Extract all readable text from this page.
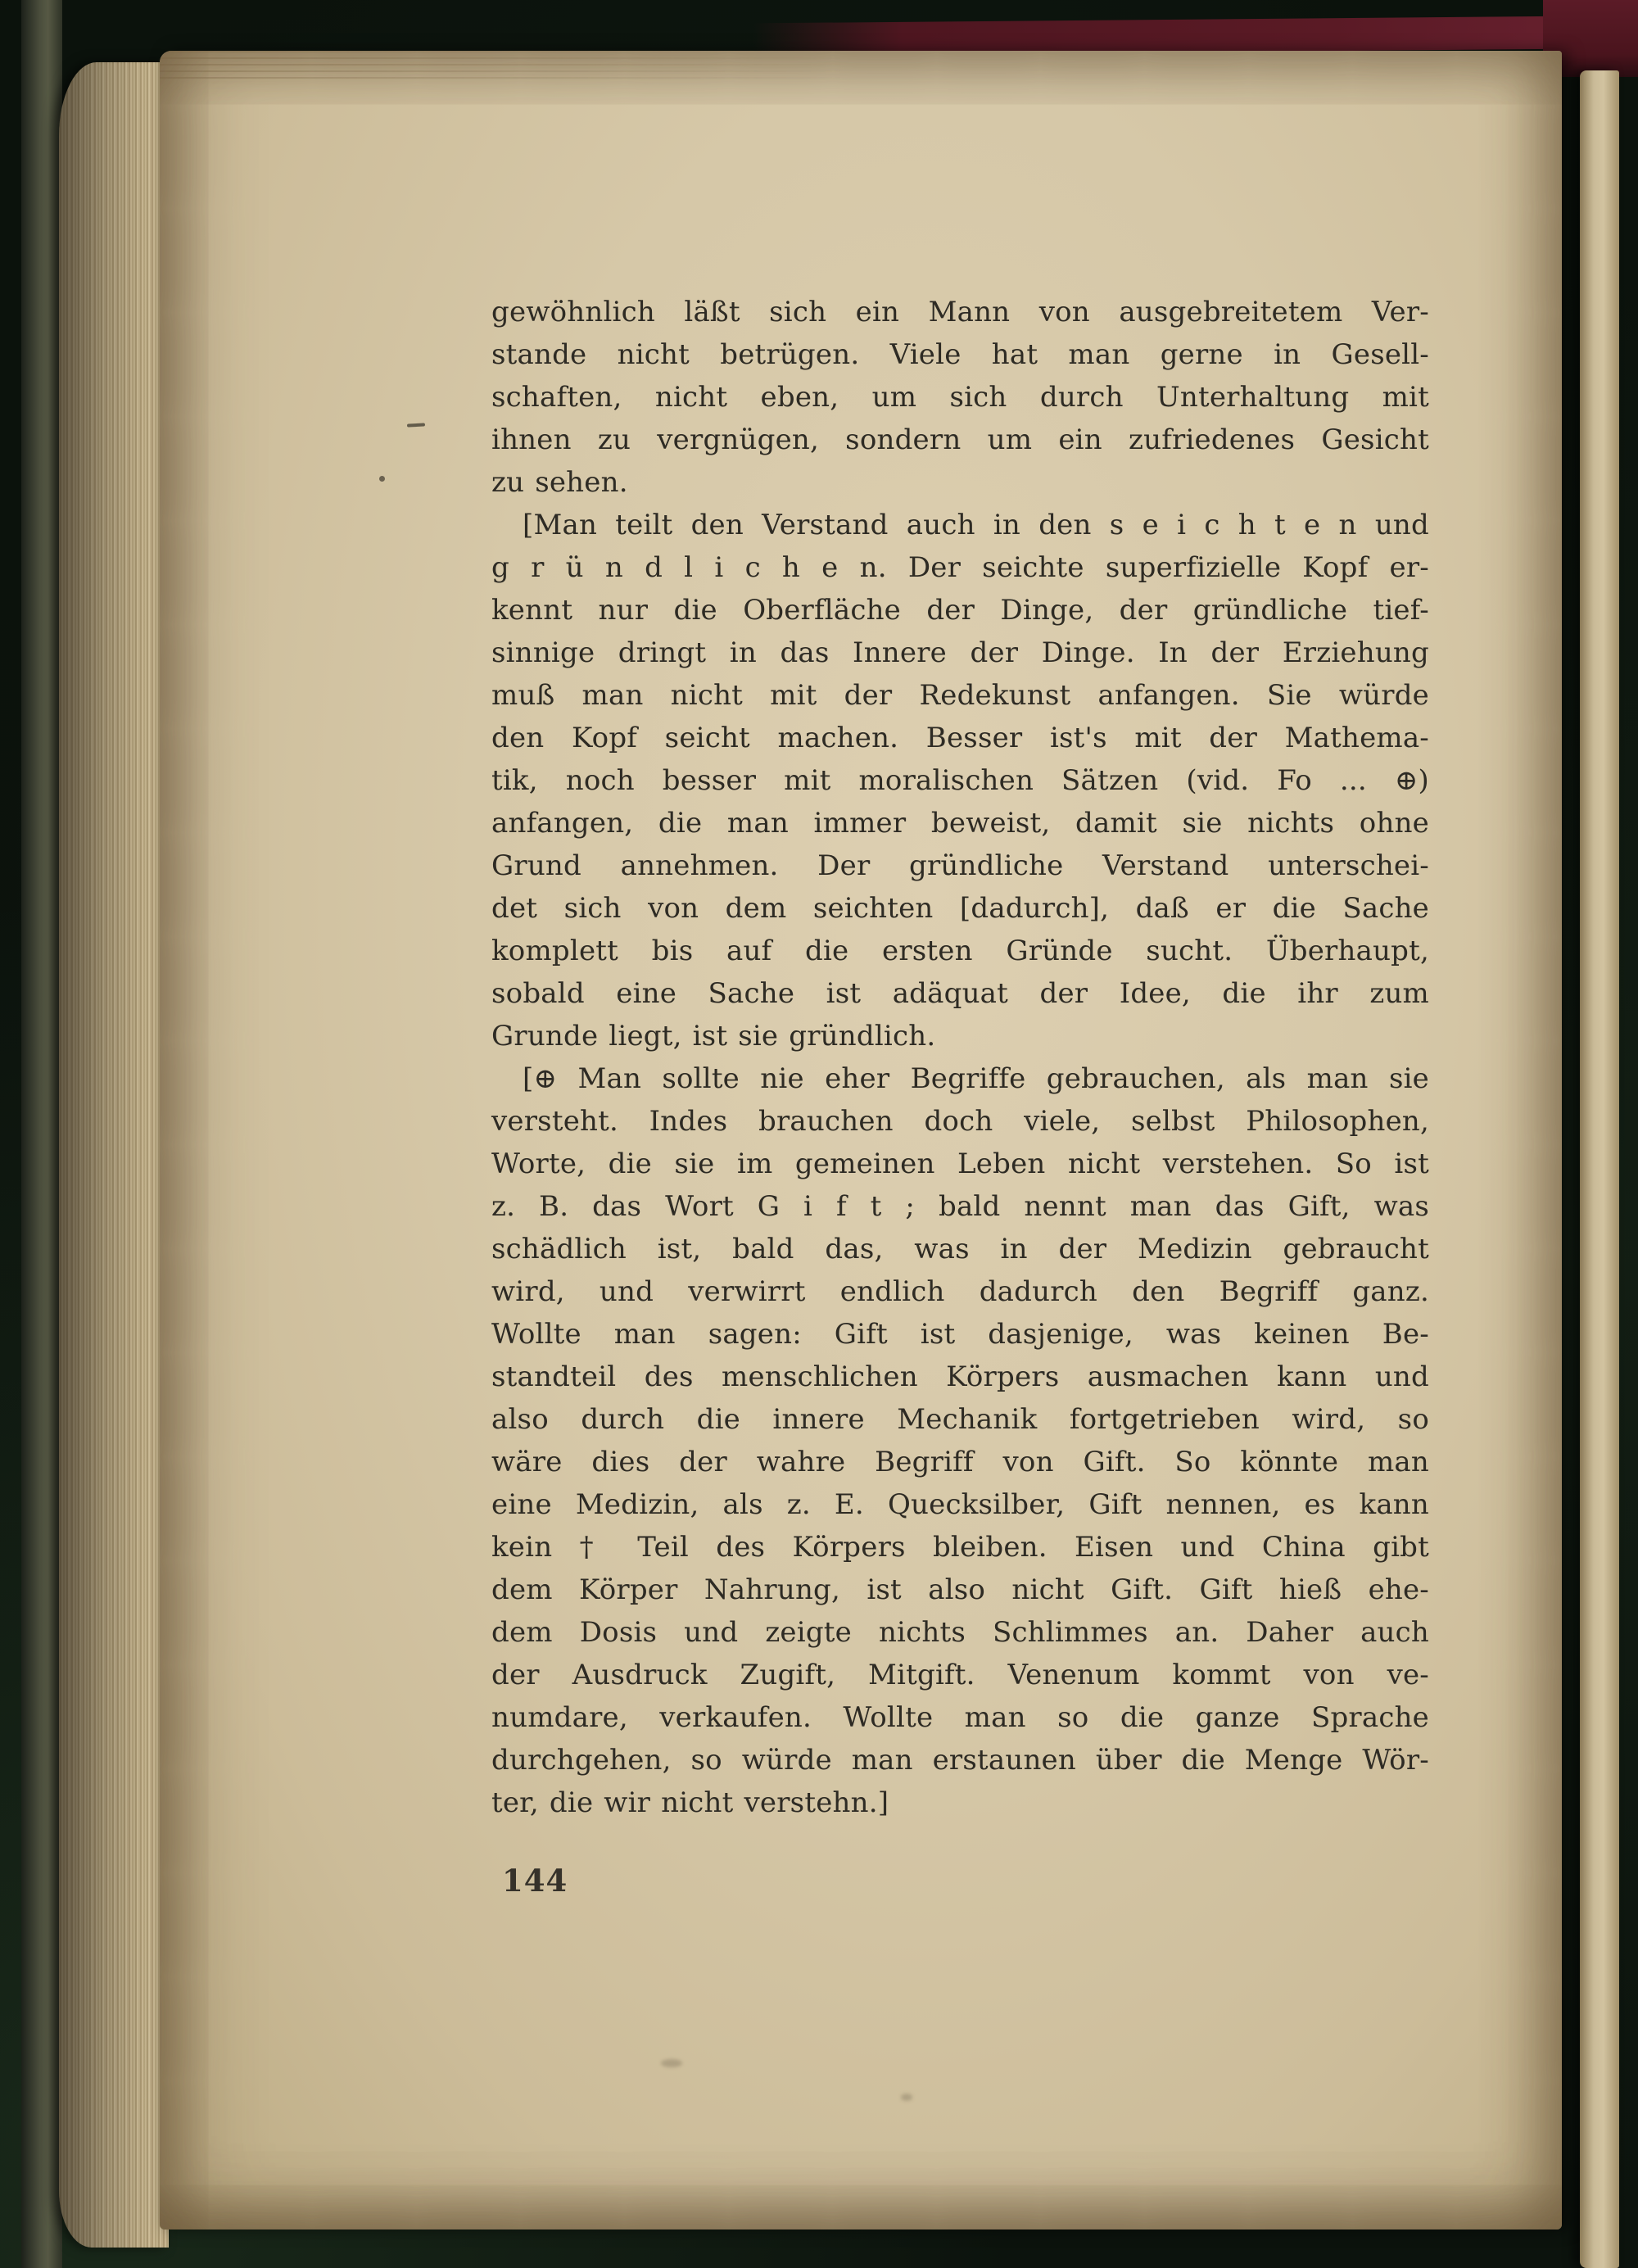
gewöhnlich läßt sich ein Mann von ausgebreitetem Ver-
stande nicht betrügen. Viele hat man gerne in Gesell-
schaften, nicht eben, um sich durch Unterhaltung mit
ihnen zu vergnügen, sondern um ein zufriedenes Gesicht
zu sehen.
[Man teilt den Verstand auch in den s e i c h t e n und
g r ü n d l i c h e n. Der seichte superfizielle Kopf er-
kennt nur die Oberfläche der Dinge, der gründliche tief-
sinnige dringt in das Innere der Dinge. In der Erziehung
muß man nicht mit der Redekunst anfangen. Sie würde
den Kopf seicht machen. Besser ist's mit der Mathema-
tik, noch besser mit moralischen Sätzen (vid. Fo ... ⊕)
anfangen, die man immer beweist, damit sie nichts ohne
Grund annehmen. Der gründliche Verstand unterschei-
det sich von dem seichten [dadurch], daß er die Sache
komplett bis auf die ersten Gründe sucht. Überhaupt,
sobald eine Sache ist adäquat der Idee, die ihr zum
Grunde liegt, ist sie gründlich.
[⊕ Man sollte nie eher Begriffe gebrauchen, als man sie
versteht. Indes brauchen doch viele, selbst Philosophen,
Worte, die sie im gemeinen Leben nicht verstehen. So ist
z. B. das Wort G i f t ; bald nennt man das Gift, was
schädlich ist, bald das, was in der Medizin gebraucht
wird, und verwirrt endlich dadurch den Begriff ganz.
Wollte man sagen: Gift ist dasjenige, was keinen Be-
standteil des menschlichen Körpers ausmachen kann und
also durch die innere Mechanik fortgetrieben wird, so
wäre dies der wahre Begriff von Gift. So könnte man
eine Medizin, als z. E. Quecksilber, Gift nennen, es kann
kein † Teil des Körpers bleiben. Eisen und China gibt
dem Körper Nahrung, ist also nicht Gift. Gift hieß ehe-
dem Dosis und zeigte nichts Schlimmes an. Daher auch
der Ausdruck Zugift, Mitgift. Venenum kommt von ve-
numdare, verkaufen. Wollte man so die ganze Sprache
durchgehen, so würde man erstaunen über die Menge Wör-
ter, die wir nicht verstehn.]
144
